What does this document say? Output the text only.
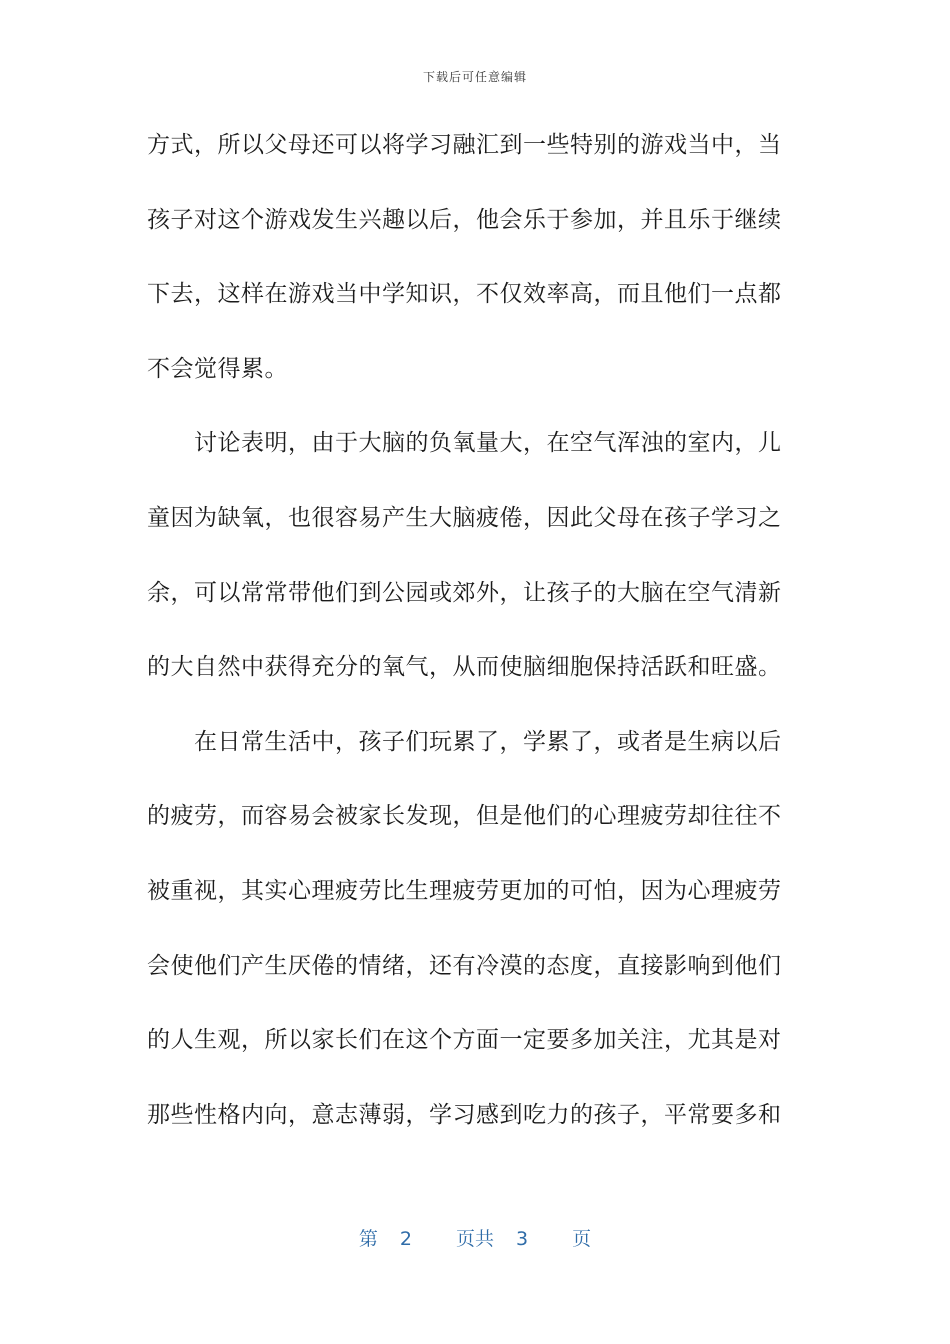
下载后可任意编辑
方式，所以父母还可以将学习融汇到一些特别的游戏当中，当
孩子对这个游戏发生兴趣以后，他会乐于参加，并且乐于继续
下去，这样在游戏当中学知识，不仅效率高，而且他们一点都
不会觉得累。
　　讨论表明，由于大脑的负氧量大，在空气浑浊的室内，儿
童因为缺氧，也很容易产生大脑疲倦，因此父母在孩子学习之
余，可以常常带他们到公园或郊外，让孩子的大脑在空气清新
的大自然中获得充分的氧气，从而使脑细胞保持活跃和旺盛。
　　在日常生活中，孩子们玩累了，学累了，或者是生病以后
的疲劳，而容易会被家长发现，但是他们的心理疲劳却往往不
被重视，其实心理疲劳比生理疲劳更加的可怕，因为心理疲劳
会使他们产生厌倦的情绪，还有冷漠的态度，直接影响到他们
的人生观，所以家长们在这个方面一定要多加关注，尤其是对
那些性格内向，意志薄弱，学习感到吃力的孩子，平常要多和
第 2 页共 3 页
